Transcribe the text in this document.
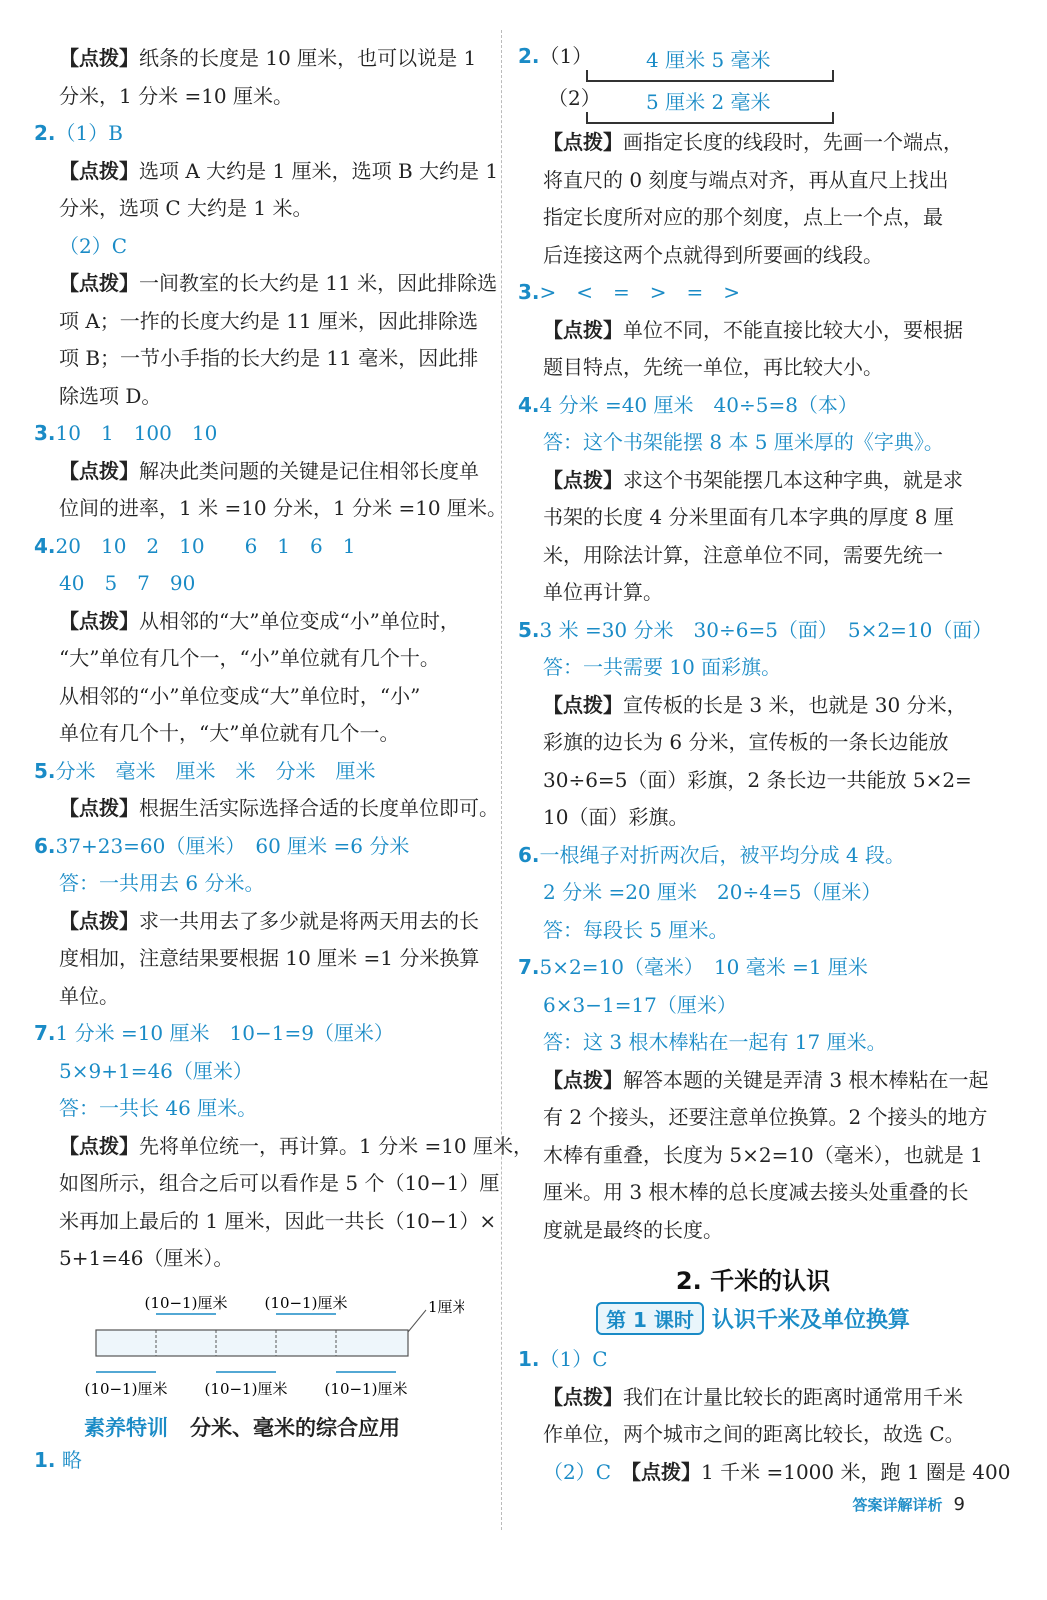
【点拨】纸条的长度是 10 厘米，也可以说是 1
分米，1 分米 =10 厘米。
2.（1）B
【点拨】选项 A 大约是 1 厘米，选项 B 大约是 1
分米，选项 C 大约是 1 米。
（2）C
【点拨】一间教室的长大约是 11 米，因此排除选
项 A；一拃的长度大约是 11 厘米，因此排除选
项 B；一节小手指的长大约是 11 毫米，因此排
除选项 D。
3.10　1　100　10
【点拨】解决此类问题的关键是记住相邻长度单
位间的进率，1 米 =10 分米，1 分米 =10 厘米。
4.20　10　2　10　　6　1　6　1
40　5　7　90
【点拨】从相邻的“大”单位变成“小”单位时，
“大”单位有几个一，“小”单位就有几个十。
从相邻的“小”单位变成“大”单位时，“小”
单位有几个十，“大”单位就有几个一。
5.分米　毫米　厘米　米　分米　厘米
【点拨】根据生活实际选择合适的长度单位即可。
6.37+23=60（厘米）　60 厘米 =6 分米
答：一共用去 6 分米。
【点拨】求一共用去了多少就是将两天用去的长
度相加，注意结果要根据 10 厘米 =1 分米换算
单位。
7.1 分米 =10 厘米　10−1=9（厘米）
5×9+1=46（厘米）
答：一共长 46 厘米。
【点拨】先将单位统一，再计算。1 分米 =10 厘米，
如图所示，组合之后可以看作是 5 个（10−1）厘
米再加上最后的 1 厘米，因此一共长（10−1）×
5+1=46（厘米）。
(10−1)厘米 (10−1)厘米
(10−1)厘米 (10−1)厘米 (10−1)厘米
1厘米
素养特训 分米、毫米的综合应用
1. 略
2.（1）	4 厘米 5 毫米
（2） 5 厘米 2 毫米
【点拨】画指定长度的线段时，先画一个端点，
将直尺的 0 刻度与端点对齐，再从直尺上找出
指定长度所对应的那个刻度，点上一个点，最
后连接这两个点就得到所要画的线段。
3.>　<　=　>　=　>
【点拨】单位不同，不能直接比较大小，要根据
题目特点，先统一单位，再比较大小。
4.4 分米 =40 厘米　40÷5=8（本）
答：这个书架能摆 8 本 5 厘米厚的《字典》。
【点拨】求这个书架能摆几本这种字典，就是求
书架的长度 4 分米里面有几本字典的厚度 8 厘
米，用除法计算，注意单位不同，需要先统一
单位再计算。
5.3 米 =30 分米　30÷6=5（面）　5×2=10（面）
答：一共需要 10 面彩旗。
【点拨】宣传板的长是 3 米，也就是 30 分米，
彩旗的边长为 6 分米，宣传板的一条长边能放
30÷6=5（面）彩旗，2 条长边一共能放 5×2=
10（面）彩旗。
6.一根绳子对折两次后，被平均分成 4 段。
2 分米 =20 厘米　20÷4=5（厘米）
答：每段长 5 厘米。
7.5×2=10（毫米）　10 毫米 =1 厘米
6×3−1=17（厘米）
答：这 3 根木棒粘在一起有 17 厘米。
【点拨】解答本题的关键是弄清 3 根木棒粘在一起
有 2 个接头，还要注意单位换算。2 个接头的地方
木棒有重叠，长度为 5×2=10（毫米），也就是 1
厘米。用 3 根木棒的总长度减去接头处重叠的长
度就是最终的长度。
2. 千米的认识
第 1 课时 认识千米及单位换算
1.（1）C
【点拨】我们在计量比较长的距离时通常用千米
作单位，两个城市之间的距离比较长，故选 C。
（2）C　【点拨】1 千米 =1000 米，跑 1 圈是 400
答案详解详析 9
